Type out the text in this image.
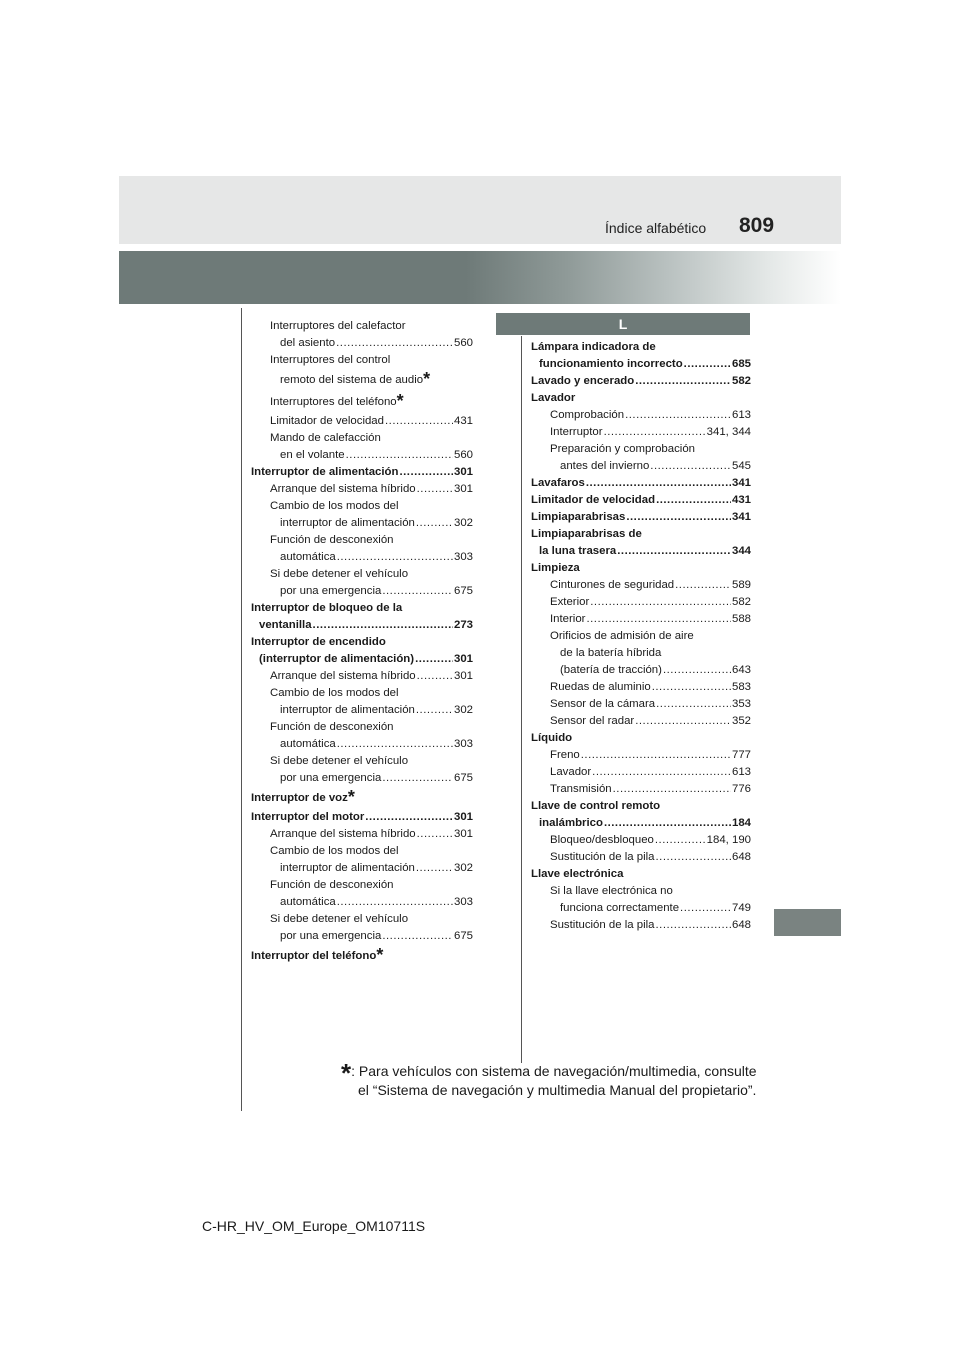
809
Índice alfabético
Interruptores del calefactor
del asiento .....	560
Interruptores del control
remoto del sistema de audio*
Interruptores del teléfono*
Limitador de velocidad .....	431
Mando de calefacción
en el volante .....	560
Interruptor de alimentación .....	301
Arranque del sistema híbrido .....	301
Cambio de los modos del
interruptor de alimentación .....	302
Función de desconexión
automática .....	303
Si debe detener el vehículo
por una emergencia .....	675
Interruptor de bloqueo de la
ventanilla .....	273
Interruptor de encendido
(interruptor de alimentación) .....	301
Arranque del sistema híbrido .....	301
Cambio de los modos del
interruptor de alimentación .....	302
Función de desconexión
automática .....	303
Si debe detener el vehículo
por una emergencia .....	675
Interruptor de voz*
Interruptor del motor .....	301
Arranque del sistema híbrido .....	301
Cambio de los modos del
interruptor de alimentación .....	302
Función de desconexión
automática .....	303
Si debe detener el vehículo
por una emergencia .....	675
Interruptor del teléfono*
L
Lámpara indicadora de
funcionamiento incorrecto .....	685
Lavado y encerado .....	582
Lavador
Comprobación .....	613
Interruptor .....	341, 344
Preparación y comprobación
antes del invierno .....	545
Lavafaros .....	341
Limitador de velocidad .....	431
Limpiaparabrisas .....	341
Limpiaparabrisas de
la luna trasera .....	344
Limpieza
Cinturones de seguridad .....	589
Exterior .....	582
Interior .....	588
Orificios de admisión de aire
de la batería híbrida
(batería de tracción) .....	643
Ruedas de aluminio .....	583
Sensor de la cámara .....	353
Sensor del radar .....	352
Líquido
Freno .....	777
Lavador .....	613
Transmisión .....	776
Llave de control remoto
inalámbrico .....	184
Bloqueo/desbloqueo .....	184, 190
Sustitución de la pila .....	648
Llave electrónica
Si la llave electrónica no
funciona correctamente .....	749
Sustitución de la pila .....	648
*: Para vehículos con sistema de navegación/multimedia, consulte
el “Sistema de navegación y multimedia Manual del propietario”.
C-HR_HV_OM_Europe_OM10711S
